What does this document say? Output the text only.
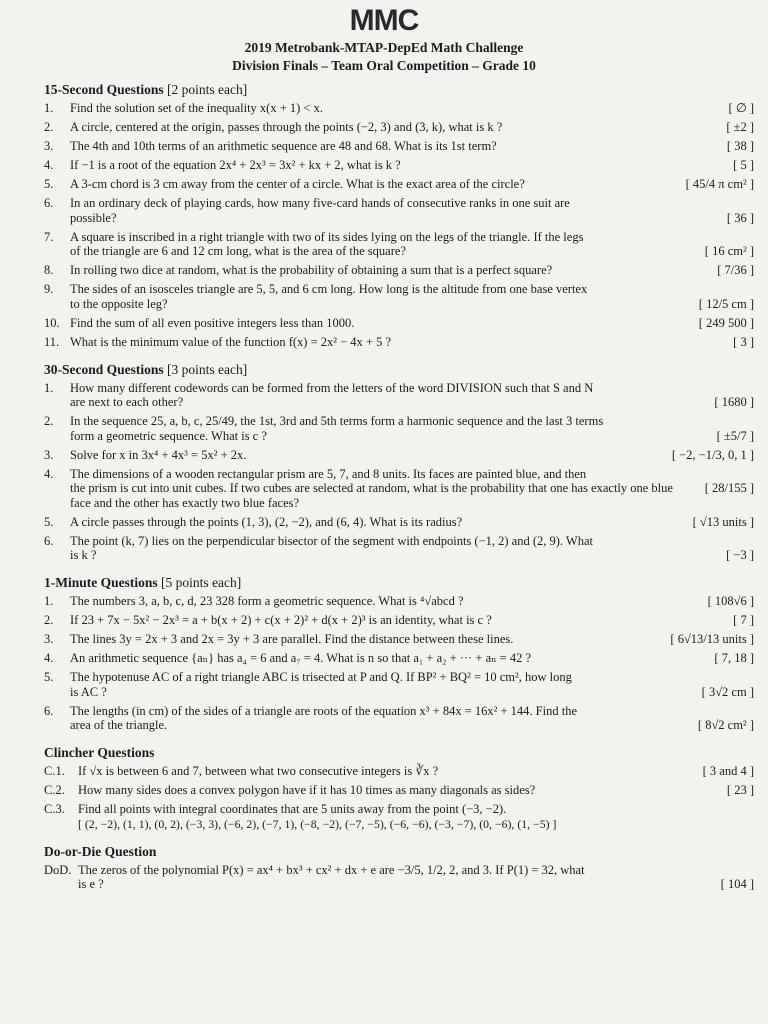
MMC
2019 Metrobank-MTAP-DepEd Math Challenge
Division Finals – Team Oral Competition – Grade 10
15-Second Questions [2 points each]
[ ∅ ]
1. Find the solution set of the inequality x(x + 1) < x.
[ ±2 ]
2. A circle, centered at the origin, passes through the points (−2, 3) and (3, k), what is k ?
[ 38 ]
3. The 4th and 10th terms of an arithmetic sequence are 48 and 68. What is its 1st term?
[ 5 ]
4. If −1 is a root of the equation 2x⁴ + 2x³ = 3x² + kx + 2, what is k ?
[ 45/4 π cm² ]
5. A 3-cm chord is 3 cm away from the center of a circle. What is the exact area of the circle?
6. In an ordinary deck of playing cards, how many five-card hands of consecutive ranks in one suit are
[ 36 ]
possible?
7. A square is inscribed in a right triangle with two of its sides lying on the legs of the triangle. If the legs
[ 16 cm² ]
of the triangle are 6 and 12 cm long, what is the area of the square?
[ 7/36 ]
8. In rolling two dice at random, what is the probability of obtaining a sum that is a perfect square?
9. The sides of an isosceles triangle are 5, 5, and 6 cm long. How long is the altitude from one base vertex
[ 12/5 cm ]
to the opposite leg?
[ 249 500 ]
10. Find the sum of all even positive integers less than 1000.
[ 3 ]
11. What is the minimum value of the function f(x) = 2x² − 4x + 5 ?
30-Second Questions [3 points each]
1. How many different codewords can be formed from the letters of the word DIVISION such that S and N
[ 1680 ]
are next to each other?
2. In the sequence 25, a, b, c, 25/49, the 1st, 3rd and 5th terms form a harmonic sequence and the last 3 terms
[ ±5/7 ]
form a geometric sequence. What is c ?
[ −2, −1/3, 0, 1 ]
3. Solve for x in 3x⁴ + 4x³ = 5x² + 2x.
4. The dimensions of a wooden rectangular prism are 5, 7, and 8 units. Its faces are painted blue, and then
[ 28/155 ]
the prism is cut into unit cubes. If two cubes are selected at random, what is the probability that one has exactly one blue face and the other has exactly two blue faces?
[ √13 units ]
5. A circle passes through the points (1, 3), (2, −2), and (6, 4). What is its radius?
6. The point (k, 7) lies on the perpendicular bisector of the segment with endpoints (−1, 2) and (2, 9). What
[ −3 ]
is k ?
1-Minute Questions [5 points each]
[ 108√6 ]
1. The numbers 3, a, b, c, d, 23 328 form a geometric sequence. What is ⁴√abcd ?
[ 7 ]
2. If 23 + 7x − 5x² − 2x³ = a + b(x + 2) + c(x + 2)² + d(x + 2)³ is an identity, what is c ?
[ 6√13/13 units ]
3. The lines 3y = 2x + 3 and 2x = 3y + 3 are parallel. Find the distance between these lines.
[ 7, 18 ]
4. An arithmetic sequence {aₙ} has a₄ = 6 and a₇ = 4. What is n so that a₁ + a₂ + ··· + aₙ = 42 ?
5. The hypotenuse AC of a right triangle ABC is trisected at P and Q. If BP² + BQ² = 10 cm², how long
[ 3√2 cm ]
is AC ?
6. The lengths (in cm) of the sides of a triangle are roots of the equation x³ + 84x = 16x² + 144. Find the
[ 8√2 cm² ]
area of the triangle.
Clincher Questions
[ 3 and 4 ]
C.1. If √x is between 6 and 7, between what two consecutive integers is ∛x ?
[ 23 ]
C.2. How many sides does a convex polygon have if it has 10 times as many diagonals as sides?
C.3. Find all points with integral coordinates that are 5 units away from the point (−3, −2).
[ (2, −2), (1, 1), (0, 2), (−3, 3), (−6, 2), (−7, 1), (−8, −2), (−7, −5), (−6, −6), (−3, −7), (0, −6), (1, −5) ]
Do-or-Die Question
DoD. The zeros of the polynomial P(x) = ax⁴ + bx³ + cx² + dx + e are −3/5, 1/2, 2, and 3. If P(1) = 32, what
[ 104 ]
is e ?
